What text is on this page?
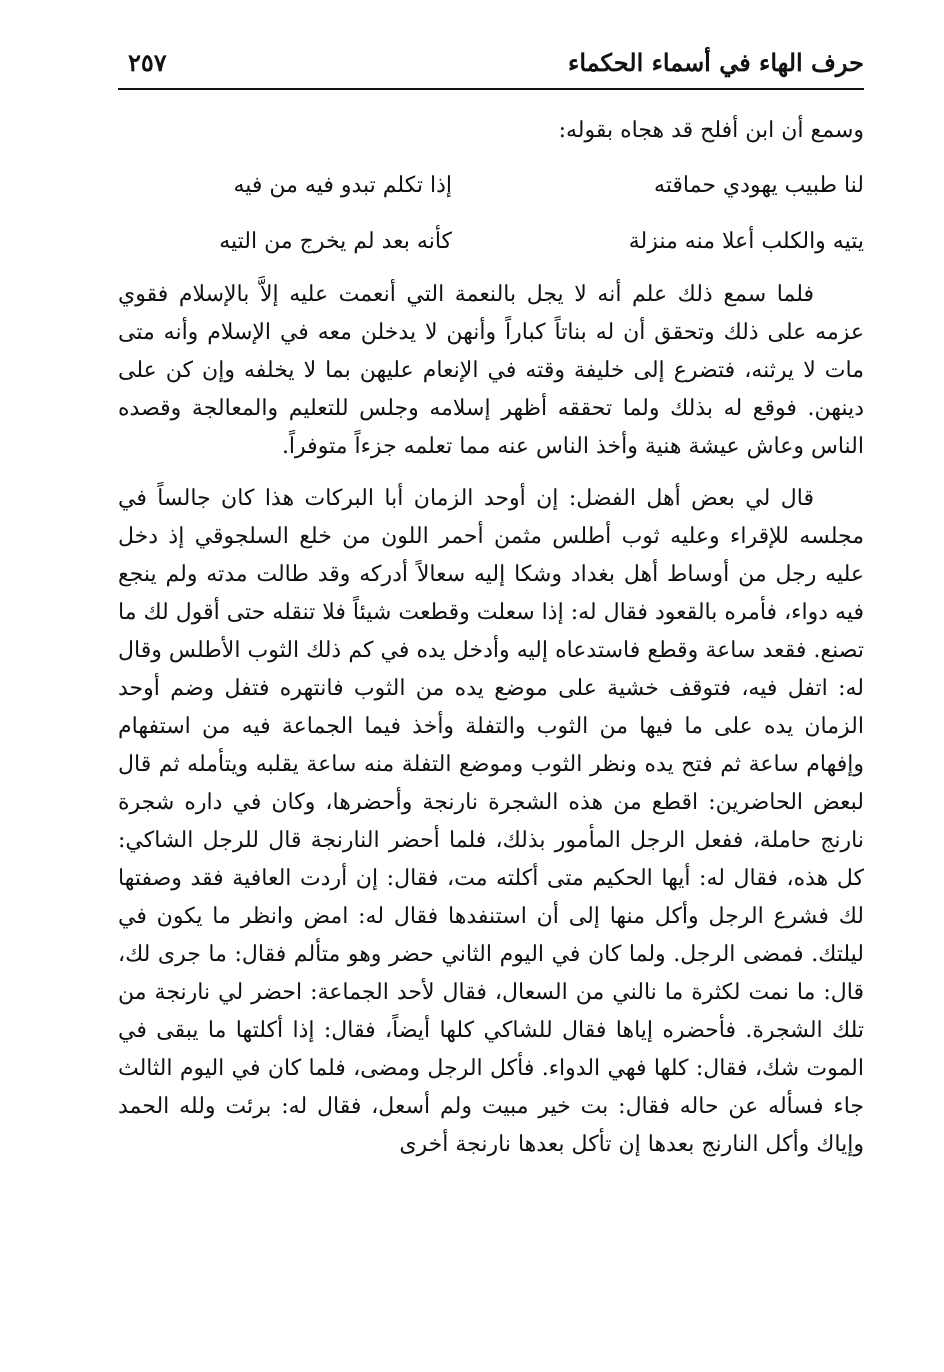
حرف الهاء في أسماء الحكماء
٢٥٧
وسمع أن ابن أفلح قد هجاه بقوله:
لنا طبيب يهودي حماقته
إذا تكلم تبدو فيه من فيه
يتيه والكلب أعلا منه منزلة
كأنه بعد لم يخرج من التيه

فلما سمع ذلك علم أنه لا يجل بالنعمة التي أنعمت عليه إلاَّ بالإسلام فقوي عزمه على ذلك وتحقق أن له بناتاً كباراً وأنهن لا يدخلن معه في الإسلام وأنه متى مات لا يرثنه، فتضرع إلى خليفة وقته في الإنعام عليهن بما لا يخلفه وإن كن على دينهن. فوقع له بذلك ولما تحققه أظهر إسلامه وجلس للتعليم والمعالجة وقصده الناس وعاش عيشة هنية وأخذ الناس عنه مما تعلمه جزءاً متوفراً.

قال لي بعض أهل الفضل: إن أوحد الزمان أبا البركات هذا كان جالساً في مجلسه للإقراء وعليه ثوب أطلس مثمن أحمر اللون من خلع السلجوقي إذ دخل عليه رجل من أوساط أهل بغداد وشكا إليه سعالاً أدركه وقد طالت مدته ولم ينجع فيه دواء، فأمره بالقعود فقال له: إذا سعلت وقطعت شيئاً فلا تنقله حتى أقول لك ما تصنع. فقعد ساعة وقطع فاستدعاه إليه وأدخل يده في كم ذلك الثوب الأطلس وقال له: اتفل فيه، فتوقف خشية على موضع يده من الثوب فانتهره فتفل وضم أوحد الزمان يده على ما فيها من الثوب والتفلة وأخذ فيما الجماعة فيه من استفهام وإفهام ساعة ثم فتح يده ونظر الثوب وموضع التفلة منه ساعة يقلبه ويتأمله ثم قال لبعض الحاضرين: اقطع من هذه الشجرة نارنجة وأحضرها، وكان في داره شجرة نارنج حاملة، ففعل الرجل المأمور بذلك، فلما أحضر النارنجة قال للرجل الشاكي: كل هذه، فقال له: أيها الحكيم متى أكلته مت، فقال: إن أردت العافية فقد وصفتها لك فشرع الرجل وأكل منها إلى أن استنفدها فقال له: امض وانظر ما يكون في ليلتك. فمضى الرجل. ولما كان في اليوم الثاني حضر وهو متألم فقال: ما جرى لك، قال: ما نمت لكثرة ما نالني من السعال، فقال لأحد الجماعة: احضر لي نارنجة من تلك الشجرة. فأحضره إياها فقال للشاكي كلها أيضاً، فقال: إذا أكلتها ما يبقى في الموت شك، فقال: كلها فهي الدواء. فأكل الرجل ومضى، فلما كان في اليوم الثالث جاء فسأله عن حاله فقال: بت خير مبيت ولم أسعل، فقال له: برئت ولله الحمد وإياك وأكل النارنج بعدها إن تأكل بعدها نارنجة أخرى
